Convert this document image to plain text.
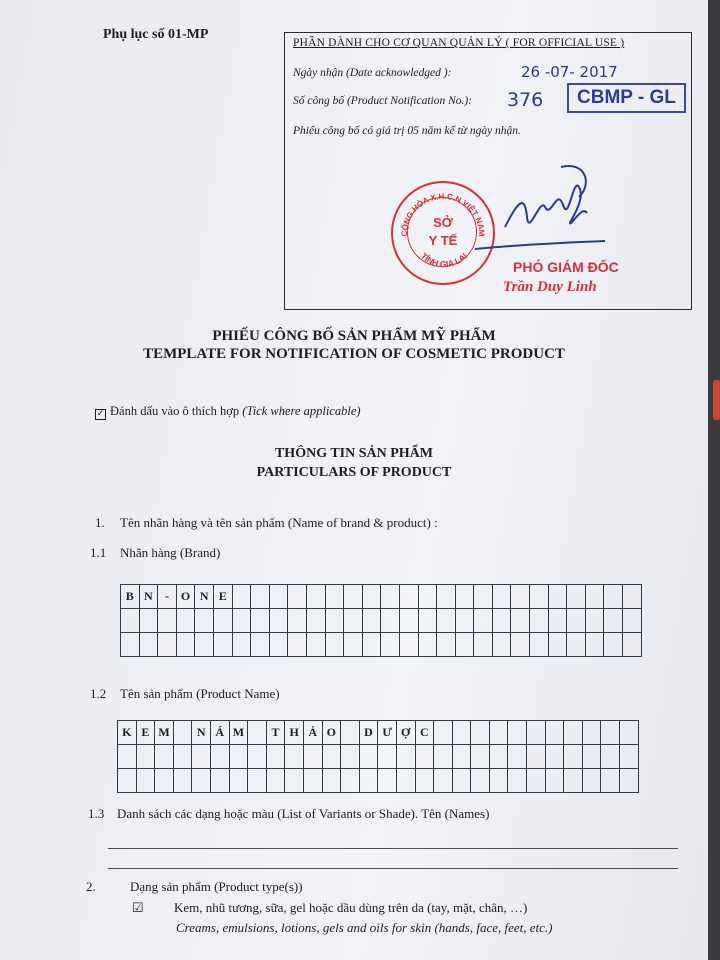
Phụ lục số 01-MP
PHẦN DÀNH CHO CƠ QUAN QUẢN LÝ ( FOR OFFICIAL USE )
Ngày nhận (Date acknowledged ):	26 -07- 2017
Số công bố (Product Notification No.): 376	CBMP - GL
Phiếu công bố có giá trị 05 năm kể từ ngày nhận.
CỘNG HÒA X.H.C.N VIỆT NAM
TỈNH GIA LAI
SỞ
Y TẾ
PHÓ GIÁM ĐỐC
Trần Duy Linh
PHIẾU CÔNG BỐ SẢN PHẨM MỸ PHẨM
TEMPLATE FOR NOTIFICATION OF COSMETIC PRODUCT
✓ Đánh dấu vào ô thích hợp (Tick where applicable)
THÔNG TIN SẢN PHẨM
PARTICULARS OF PRODUCT
1. Tên nhãn hàng và tên sản phẩm (Name of brand & product) :
1.1 Nhãn hàng (Brand)
B	N	-	O	N	E																						

1.2 Tên sản phẩm (Product Name)
K	E	M		N	Á	M		T	H	Ả	O		D	Ư	Ợ	C											

1.3 Danh sách các dạng hoặc màu (List of Variants or Shade). Tên (Names)
2.	Dạng sản phẩm (Product type(s))
☑ Kem, nhũ tương, sữa, gel hoặc dầu dùng trên da (tay, mặt, chân, …)
Creams, emulsions, lotions, gels and oils for skin (hands, face, feet, etc.)
